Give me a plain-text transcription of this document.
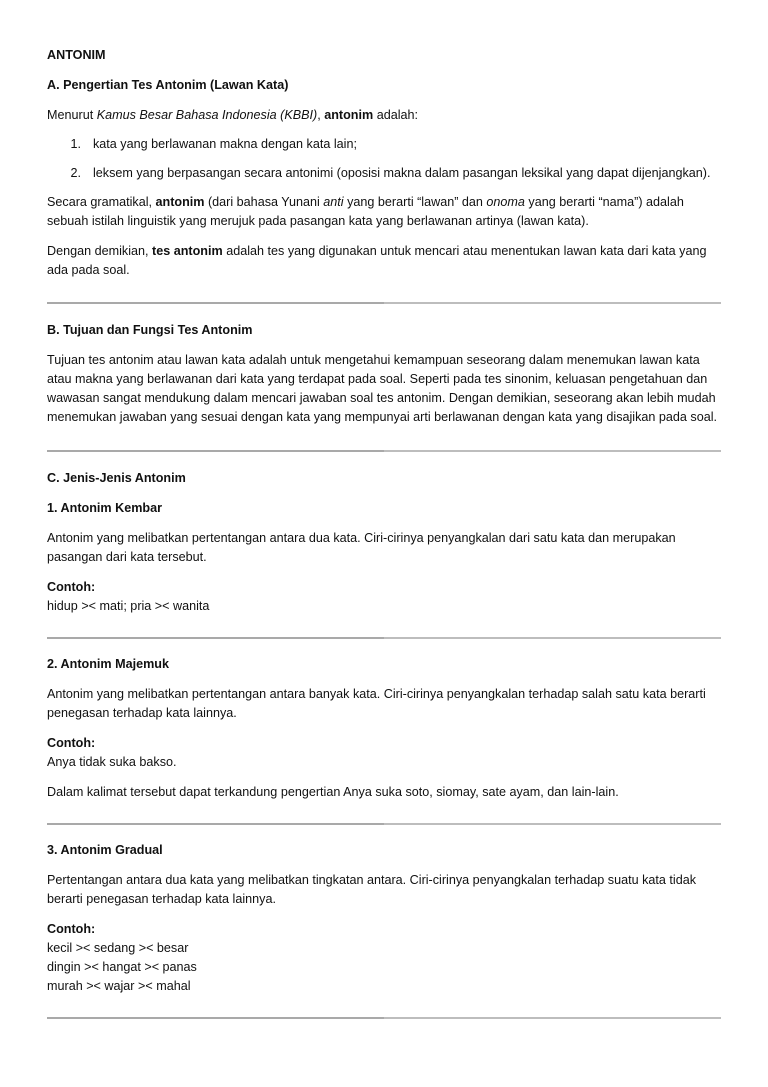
ANTONIM

A. Pengertian Tes Antonim (Lawan Kata)

Menurut Kamus Besar Bahasa Indonesia (KBBI), antonim adalah:

1. kata yang berlawanan makna dengan kata lain;
2. leksem yang berpasangan secara antonimi (oposisi makna dalam pasangan leksikal yang dapat dijenjangkan).

Secara gramatikal, antonim (dari bahasa Yunani anti yang berarti “lawan” dan onoma yang berarti “nama”) adalah sebuah istilah linguistik yang merujuk pada pasangan kata yang berlawanan artinya (lawan kata).

Dengan demikian, tes antonim adalah tes yang digunakan untuk mencari atau menentukan lawan kata dari kata yang ada pada soal.

B. Tujuan dan Fungsi Tes Antonim

Tujuan tes antonim atau lawan kata adalah untuk mengetahui kemampuan seseorang dalam menemukan lawan kata atau makna yang berlawanan dari kata yang terdapat pada soal. Seperti pada tes sinonim, keluasan pengetahuan dan wawasan sangat mendukung dalam mencari jawaban soal tes antonim. Dengan demikian, seseorang akan lebih mudah menemukan jawaban yang sesuai dengan kata yang mempunyai arti berlawanan dengan kata yang disajikan pada soal.

C. Jenis-Jenis Antonim

1. Antonim Kembar

Antonim yang melibatkan pertentangan antara dua kata. Ciri-cirinya penyangkalan dari satu kata dan merupakan pasangan dari kata tersebut.

Contoh:
hidup >< mati; pria >< wanita

2. Antonim Majemuk

Antonim yang melibatkan pertentangan antara banyak kata. Ciri-cirinya penyangkalan terhadap salah satu kata berarti penegasan terhadap kata lainnya.

Contoh:
Anya tidak suka bakso.

Dalam kalimat tersebut dapat terkandung pengertian Anya suka soto, siomay, sate ayam, dan lain-lain.

3. Antonim Gradual

Pertentangan antara dua kata yang melibatkan tingkatan antara. Ciri-cirinya penyangkalan terhadap suatu kata tidak berarti penegasan terhadap kata lainnya.

Contoh:
kecil >< sedang >< besar
dingin >< hangat >< panas
murah >< wajar >< mahal
